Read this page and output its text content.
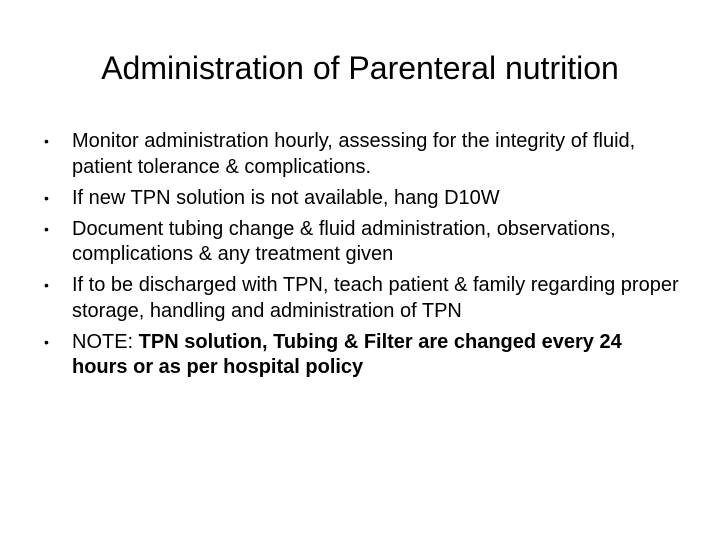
Administration of Parenteral nutrition
• Monitor administration hourly, assessing for the integrity of fluid, patient tolerance & complications.
• If new TPN solution is not available, hang D10W
• Document tubing change & fluid administration, observations, complications & any treatment given
• If to be discharged with TPN, teach patient & family regarding proper storage, handling and administration of TPN
• NOTE: TPN solution, Tubing & Filter are changed every 24 hours or as per hospital policy
